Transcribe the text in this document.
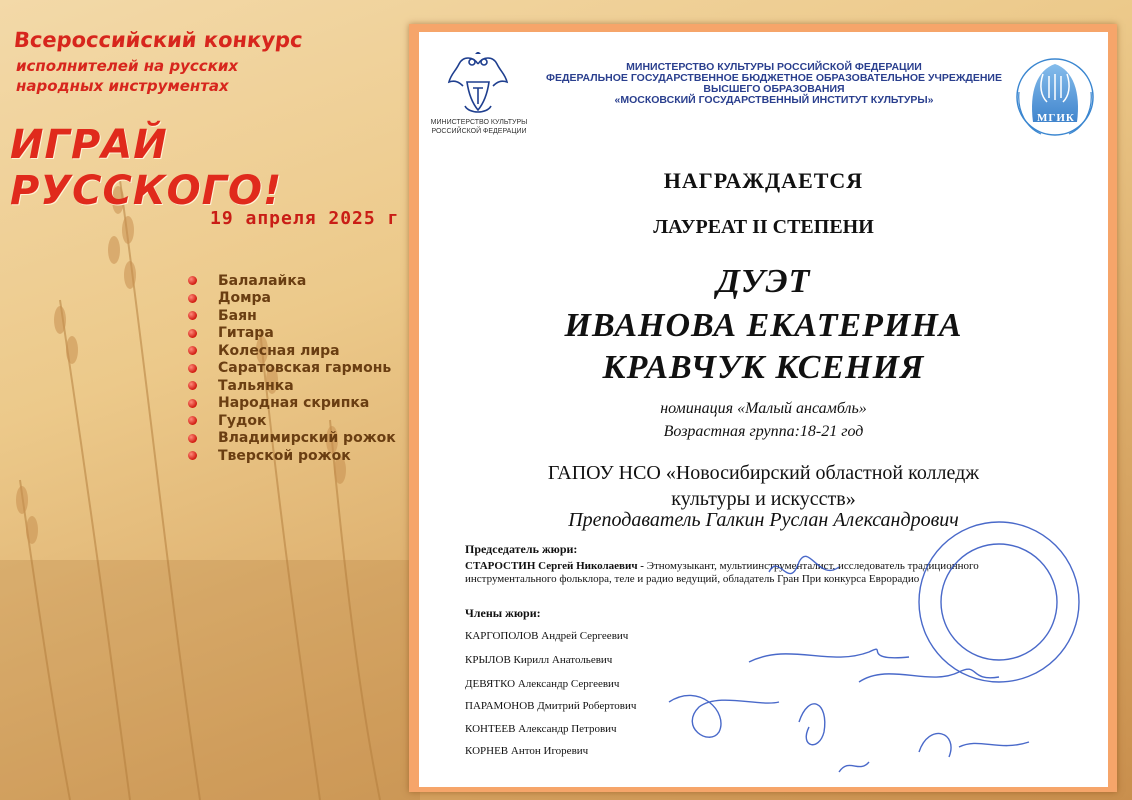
Всероссийский конкурс

исполнителей на русских народных инструментах

ИГРАЙ РУССКОГО!

19 апреля 2025 г

Балалайка
Домра
Баян
Гитара
Колесная лира
Саратовская гармонь
Тальянка
Народная скрипка
Гудок
Владимирский рожок
Тверской рожок

МИНИСТЕРСТВО КУЛЬТУРЫ РОССИЙСКОЙ ФЕДЕРАЦИИ

МИНИСТЕРСТВО КУЛЬТУРЫ РОССИЙСКОЙ ФЕДЕРАЦИИ

ФЕДЕРАЛЬНОЕ ГОСУДАРСТВЕННОЕ БЮДЖЕТНОЕ ОБРАЗОВАТЕЛЬНОЕ УЧРЕЖДЕНИЕ

ВЫСШЕГО ОБРАЗОВАНИЯ

«МОСКОВСКИЙ ГОСУДАРСТВЕННЫЙ ИНСТИТУТ КУЛЬТУРЫ»

МГИК

НАГРАЖДАЕТСЯ

ЛАУРЕАТ II СТЕПЕНИ

ДУЭТ

ИВАНОВА ЕКАТЕРИНА

КРАВЧУК КСЕНИЯ

номинация «Малый ансамбль»

Возрастная группа:18-21 год

ГАПОУ НСО «Новосибирский областной колледж культуры и искусств»

Преподаватель Галкин Руслан Александрович

Председатель жюри:

СТАРОСТИН Сергей Николаевич - Этномузыкант, мультиинструменталист, исследователь традиционного инструментального фольклора, теле и радио ведущий, обладатель Гран При конкурса Еврорадио

Члены жюри:

КАРГОПОЛОВ Андрей Сергеевич

КРЫЛОВ Кирилл Анатольевич

ДЕВЯТКО Александр Сергеевич

ПАРАМОНОВ Дмитрий Робертович

КОНТЕЕВ Александр Петрович

КОРНЕВ Антон Игоревич
